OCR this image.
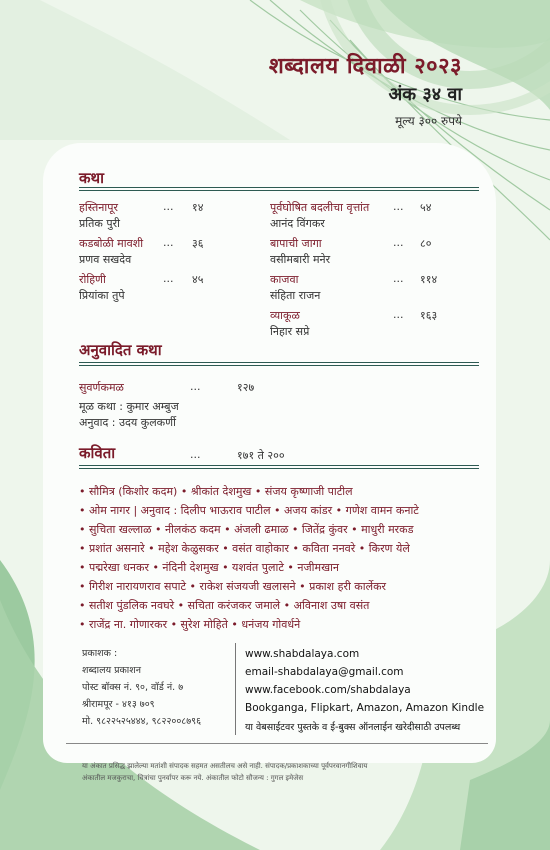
शब्दालय दिवाळी २०२३
अंक ३४ वा
मूल्य ३०० रुपये
कथा
हस्तिनापूर	... १४
प्रतिक पुरी
कडबोळी मावशी ... ३६
प्रणव सखदेव
रोहिणी	... ४५
प्रियांका तुपे
पूर्वघोषित बदलीचा वृत्तांत ... ५४
आनंद विंगकर
बापाची जागा	... ८०
वसीमबारी मनेर
काजवा	... ११४
संहिता राजन
व्याकूळ	... १६३
निहार सप्रे
अनुवादित कथा
सुवर्णकमळ	...	१२७
मूळ कथा : कुमार अम्बुज
अनुवाद : उदय कुलकर्णी
कविता	...	१७१ ते २००
• सौमित्र (किशोर कदम) • श्रीकांत देशमुख • संजय कृष्णाजी पाटील
• ओम नागर | अनुवाद : दिलीप भाऊराव पाटील • अजय कांडर • गणेश वामन कनाटे
• सुचिता खल्लाळ • नीलकंठ कदम • अंजली ढमाळ • जितेंद्र कुंवर • माधुरी मरकड
• प्रशांत असनारे • महेश केळुसकर • वसंत वाहोकार • कविता ननवरे • किरण येले
• पद्मरेखा धनकर • नंदिनी देशमुख • यशवंत पुलाटे • नजीमखान
• गिरीश नारायणराव सपाटे • राकेश संजयजी खलासने • प्रकाश हरी कार्लेकर
• सतीश पुंडलिक नवघरे • सचिता करंजकर जमाले • अविनाश उषा वसंत
• राजेंद्र ना. गोणारकर • सुरेश मोहिते • धनंजय गोवर्धने
प्रकाशक :
शब्दालय प्रकाशन
पोस्ट बॉक्स नं. ९०, वॉर्ड नं. ७
श्रीरामपूर - ४१३ ७०९
मो. ९८२२५२५४४४, ९८२२००८७९६
www.shabdalaya.com
email-shabdalaya@gmail.com
www.facebook.com/shabdalaya
Bookganga, Flipkart, Amazon, Amazon Kindle
या वेबसाईटवर पुस्तके व ई-बुक्स ऑनलाईन खरेदीसाठी उपलब्ध
या अंकात प्रसिद्ध झालेल्या मतांशी संपादक सहमत असतीलच असे नाही. संपादक/प्रकाशकाच्या पूर्वपरवानगीशिवाय
अंकातील मजकुराचा, चित्रांचा पुनर्वापर करू नये. अंकातील फोटो सौजन्य : गुगल इमेजेस
